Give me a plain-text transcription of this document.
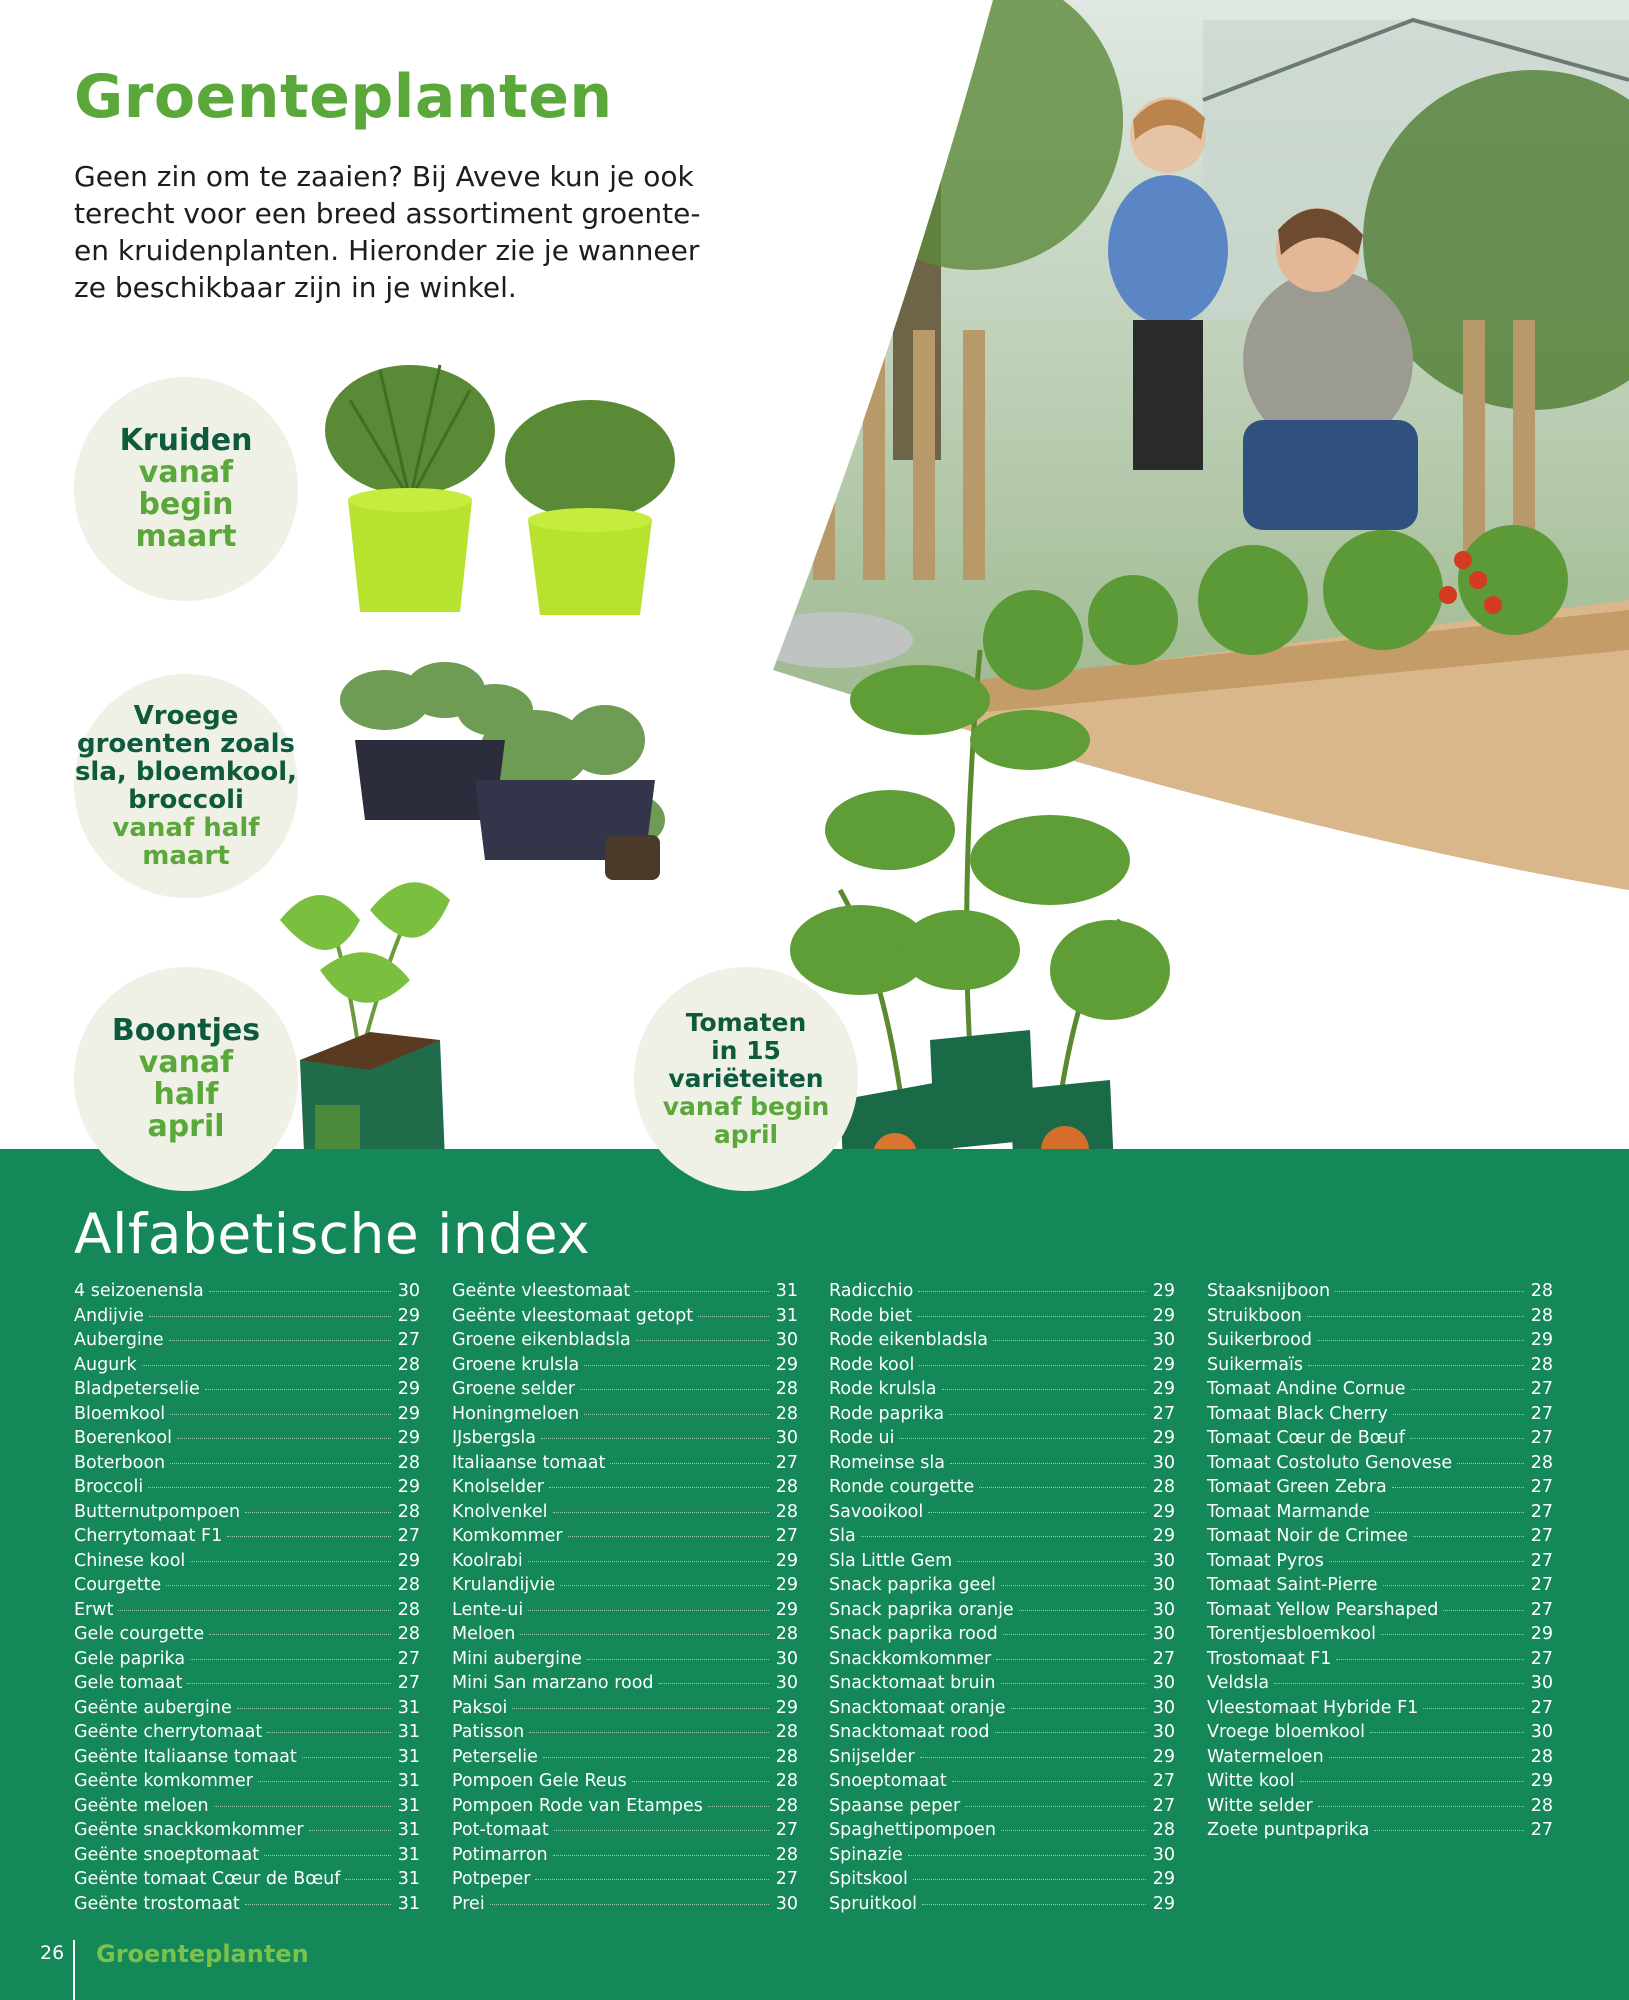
Groenteplanten

Geen zin om te zaaien? Bij Aveve kun je ook terecht voor een breed assortiment groente- en kruidenplanten. Hieronder zie je wanneer ze beschikbaar zijn in je winkel.

Kruiden
vanaf
begin
maart
Vroege
groenten zoals
sla, bloemkool,
broccoli
vanaf half
maart
Boontjes
vanaf
half
april
Tomaten
in 15
variëteiten
vanaf begin
april
Alfabetische index
4 seizoenensla	30
Andijvie	29
Aubergine	27
Augurk	28
Bladpeterselie	29
Bloemkool	29
Boerenkool	29
Boterboon	28
Broccoli	29
Butternutpompoen	28
Cherrytomaat F1	27
Chinese kool	29
Courgette	28
Erwt	28
Gele courgette	28
Gele paprika	27
Gele tomaat	27
Geënte aubergine	31
Geënte cherrytomaat	31
Geënte Italiaanse tomaat	31
Geënte komkommer	31
Geënte meloen	31
Geënte snackkomkommer	31
Geënte snoeptomaat	31
Geënte tomaat Cœur de Bœuf	31
Geënte trostomaat	31
Geënte vleestomaat	31
Geënte vleestomaat getopt	31
Groene eikenbladsla	30
Groene krulsla	29
Groene selder	28
Honingmeloen	28
IJsbergsla	30
Italiaanse tomaat	27
Knolselder	28
Knolvenkel	28
Komkommer	27
Koolrabi	29
Krulandijvie	29
Lente-ui	29
Meloen	28
Mini aubergine	30
Mini San marzano rood	30
Paksoi	29
Patisson	28
Peterselie	28
Pompoen Gele Reus	28
Pompoen Rode van Etampes	28
Pot-tomaat	27
Potimarron	28
Potpeper	27
Prei	30
Radicchio	29
Rode biet	29
Rode eikenbladsla	30
Rode kool	29
Rode krulsla	29
Rode paprika	27
Rode ui	29
Romeinse sla	30
Ronde courgette	28
Savooikool	29
Sla	29
Sla Little Gem	30
Snack paprika geel	30
Snack paprika oranje	30
Snack paprika rood	30
Snackkomkommer	27
Snacktomaat bruin	30
Snacktomaat oranje	30
Snacktomaat rood	30
Snijselder	29
Snoeptomaat	27
Spaanse peper	27
Spaghettipompoen	28
Spinazie	30
Spitskool	29
Spruitkool	29
Staaksnijboon	28
Struikboon	28
Suikerbrood	29
Suikermaïs	28
Tomaat Andine Cornue	27
Tomaat Black Cherry	27
Tomaat Cœur de Bœuf	27
Tomaat Costoluto Genovese	28
Tomaat Green Zebra	27
Tomaat Marmande	27
Tomaat Noir de Crimee	27
Tomaat Pyros	27
Tomaat Saint-Pierre	27
Tomaat Yellow Pearshaped	27
Torentjesbloemkool	29
Trostomaat F1	27
Veldsla	30
Vleestomaat Hybride F1	27
Vroege bloemkool	30
Watermeloen	28
Witte kool	29
Witte selder	28
Zoete puntpaprika	27

26 Groenteplanten
